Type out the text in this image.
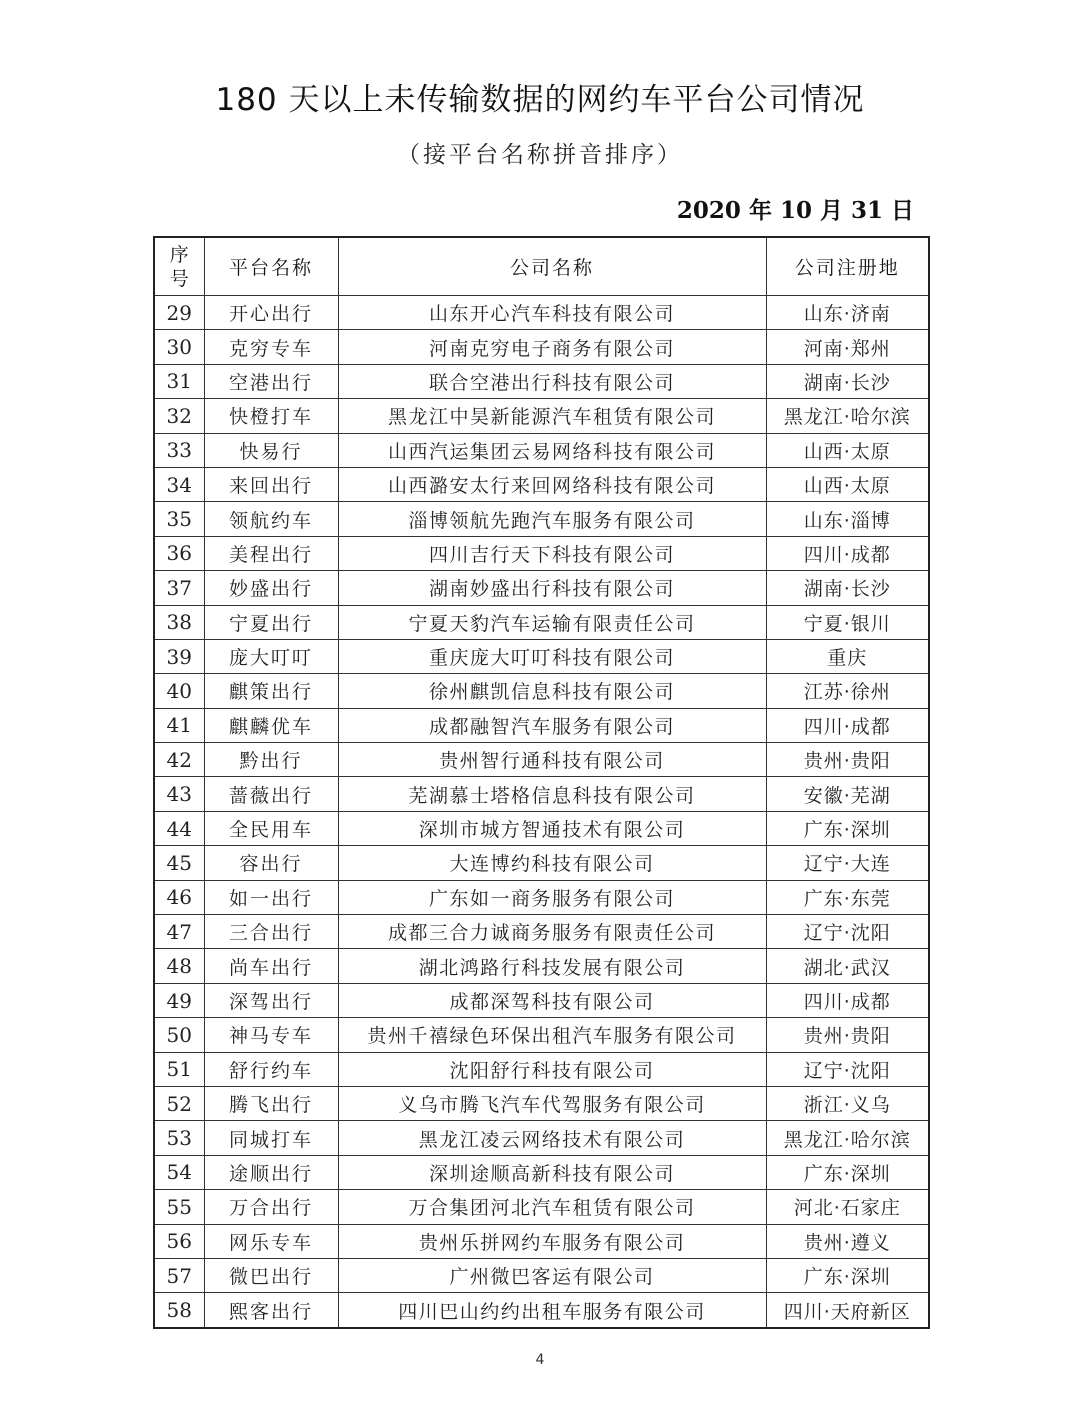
180 天以上未传输数据的网约车平台公司情况
（接平台名称拼音排序）
2020 年 10 月 31 日
序
号	平台名称	公司名称	公司注册地
29	开心出行	山东开心汽车科技有限公司	山东·济南
30	克穷专车	河南克穷电子商务有限公司	河南·郑州
31	空港出行	联合空港出行科技有限公司	湖南·长沙
32	快橙打车	黑龙江中昊新能源汽车租赁有限公司	黑龙江·哈尔滨
33	快易行	山西汽运集团云易网络科技有限公司	山西·太原
34	来回出行	山西潞安太行来回网络科技有限公司	山西·太原
35	领航约车	淄博领航先跑汽车服务有限公司	山东·淄博
36	美程出行	四川吉行天下科技有限公司	四川·成都
37	妙盛出行	湖南妙盛出行科技有限公司	湖南·长沙
38	宁夏出行	宁夏天豹汽车运输有限责任公司	宁夏·银川
39	庞大叮叮	重庆庞大叮叮科技有限公司	重庆
40	麒策出行	徐州麒凯信息科技有限公司	江苏·徐州
41	麒麟优车	成都融智汽车服务有限公司	四川·成都
42	黔出行	贵州智行通科技有限公司	贵州·贵阳
43	蔷薇出行	芜湖慕士塔格信息科技有限公司	安徽·芜湖
44	全民用车	深圳市城方智通技术有限公司	广东·深圳
45	容出行	大连博约科技有限公司	辽宁·大连
46	如一出行	广东如一商务服务有限公司	广东·东莞
47	三合出行	成都三合力诚商务服务有限责任公司	辽宁·沈阳
48	尚车出行	湖北鸿路行科技发展有限公司	湖北·武汉
49	深驾出行	成都深驾科技有限公司	四川·成都
50	神马专车	贵州千禧绿色环保出租汽车服务有限公司	贵州·贵阳
51	舒行约车	沈阳舒行科技有限公司	辽宁·沈阳
52	腾飞出行	义乌市腾飞汽车代驾服务有限公司	浙江·义乌
53	同城打车	黑龙江凌云网络技术有限公司	黑龙江·哈尔滨
54	途顺出行	深圳途顺高新科技有限公司	广东·深圳
55	万合出行	万合集团河北汽车租赁有限公司	河北·石家庄
56	网乐专车	贵州乐拼网约车服务有限公司	贵州·遵义
57	微巴出行	广州微巴客运有限公司	广东·深圳
58	熙客出行	四川巴山约约出租车服务有限公司	四川·天府新区
4
